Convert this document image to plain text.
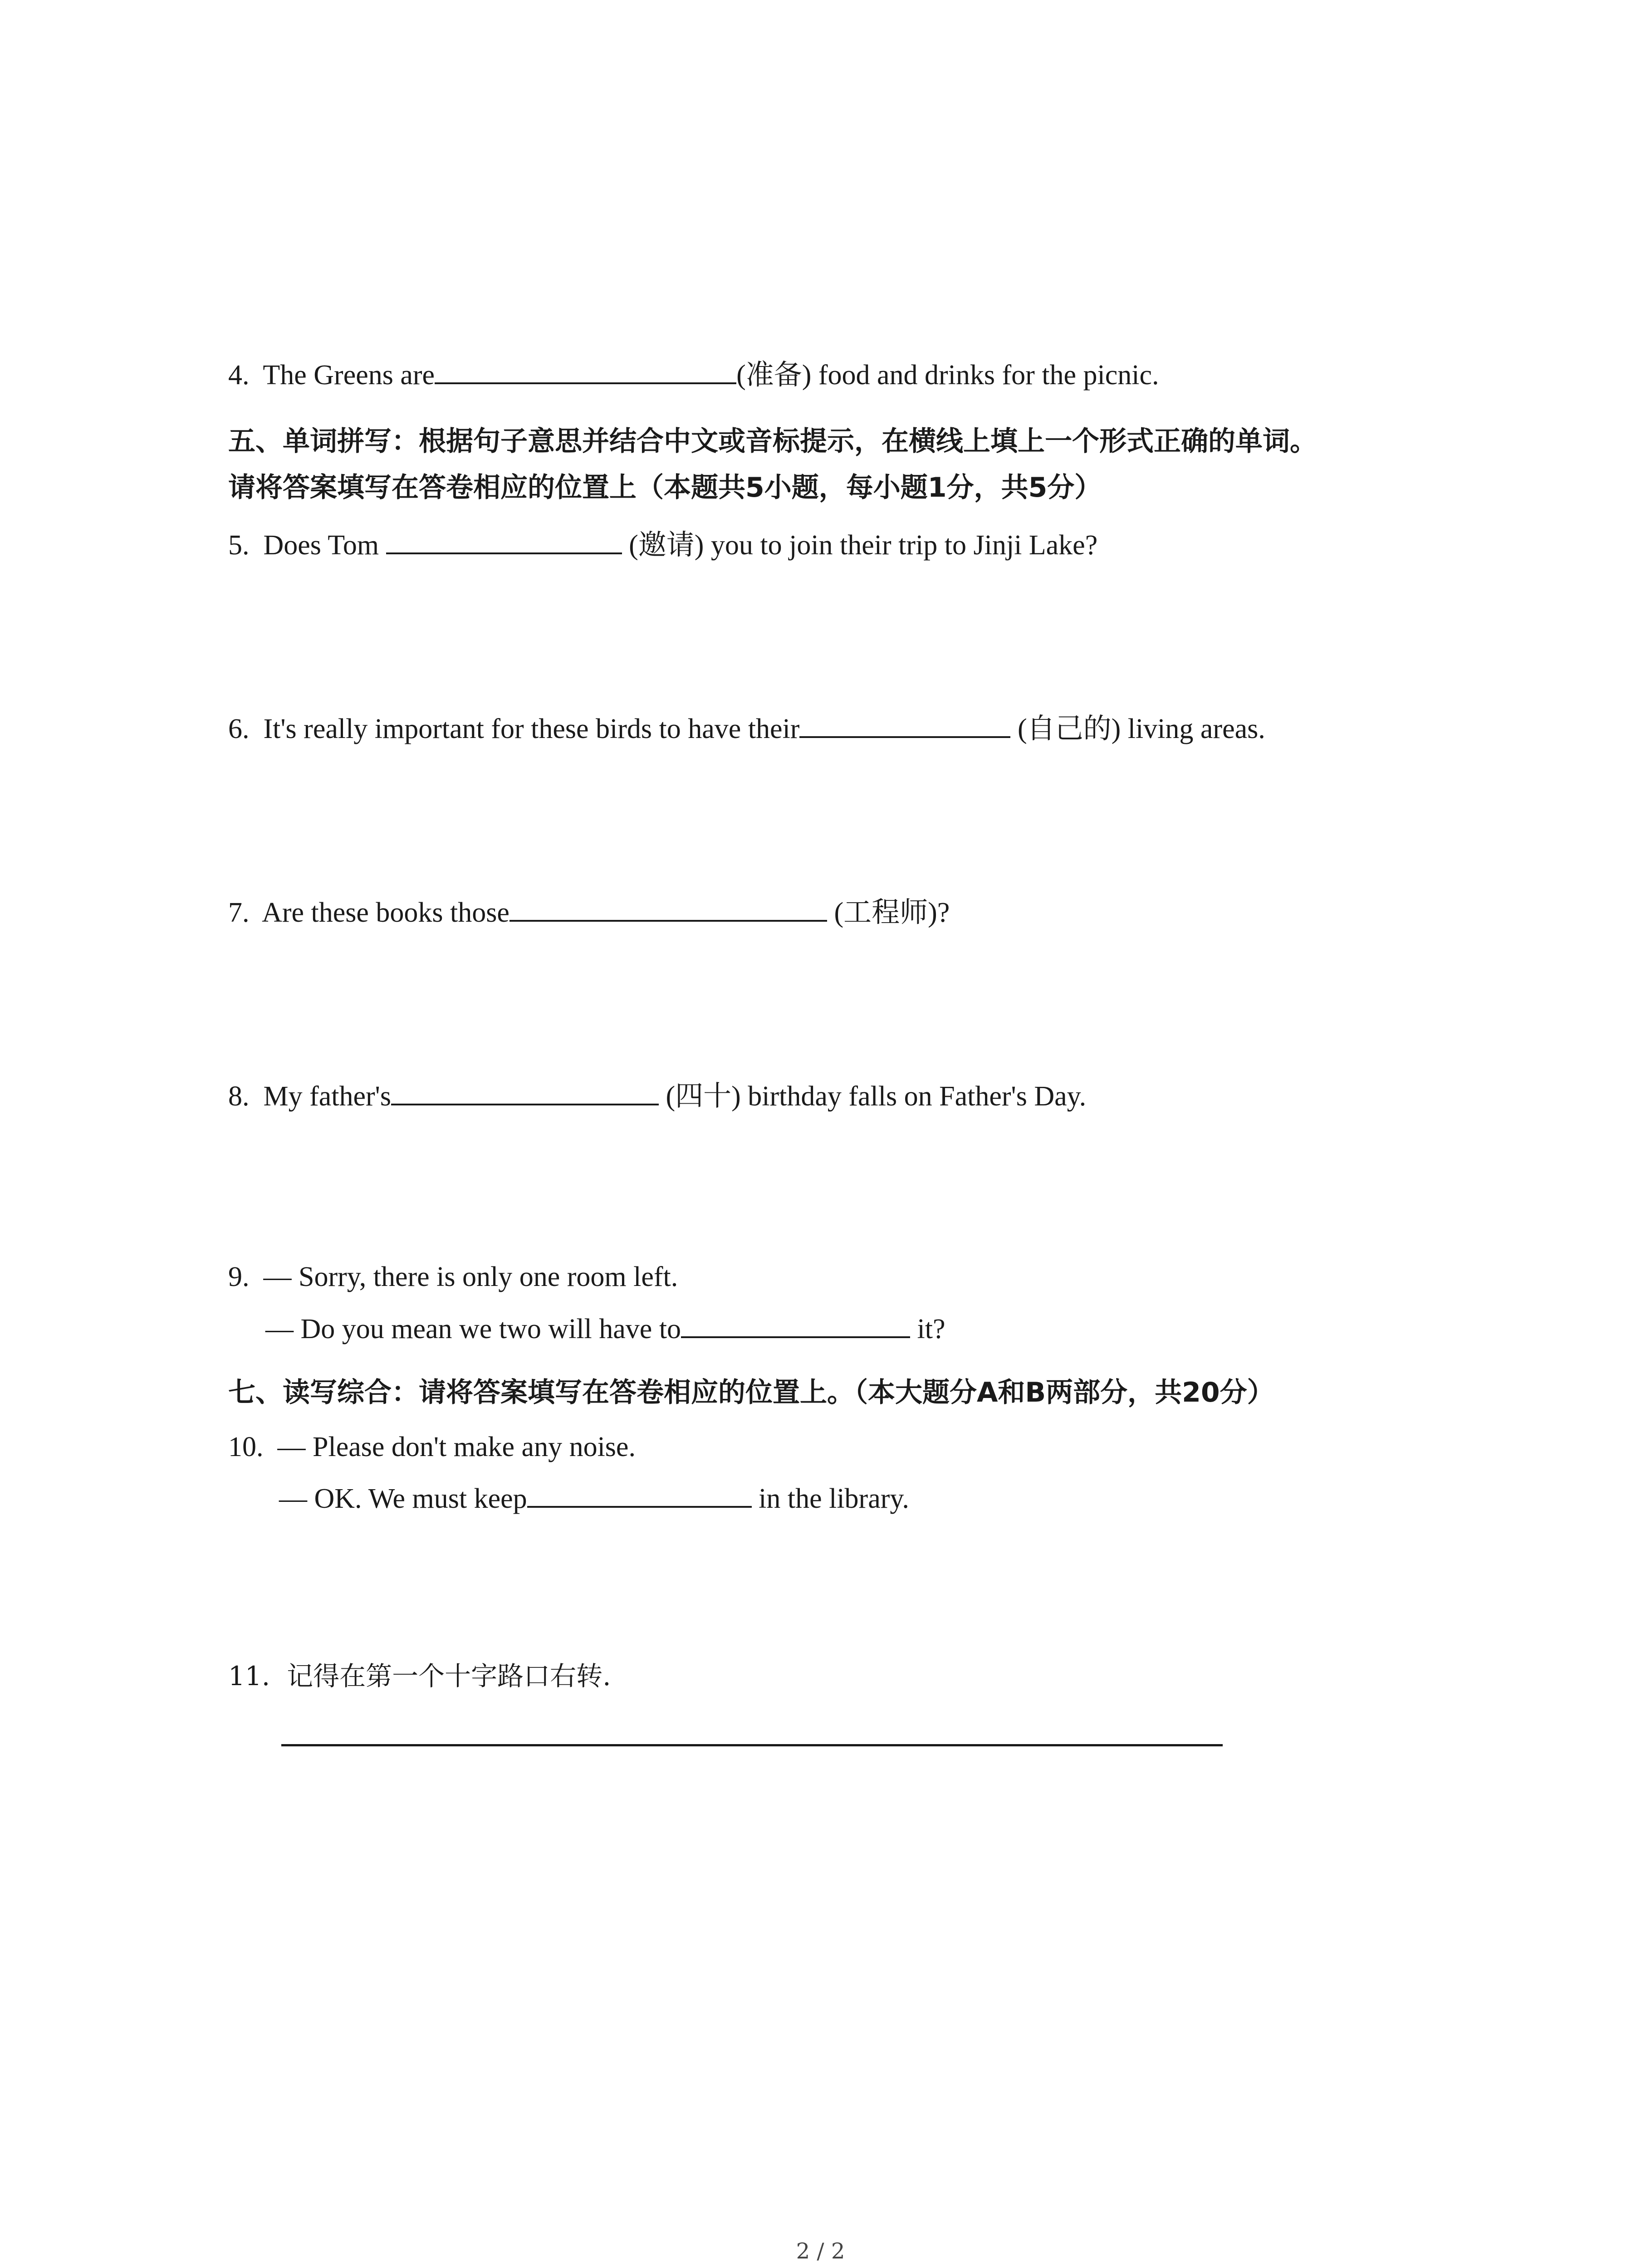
4. The Greens are	(准备) food and drinks for the picnic.
五、单词拼写：根据句子意思并结合中文或音标提示，在横线上填上一个形式正确的单词。
请将答案填写在答卷相应的位置上（本题共5小题，每小题1分，共5分）
5. Does Tom	(邀请) you to join their trip to Jinji Lake?
6. It's really important for these birds to have their	(自己的) living areas.
7. Are these books those	(工程师)?
8. My father's	(四十) birthday falls on Father's Day.
9. — Sorry, there is only one room left.
— Do you mean we two will have to	it?
七、读写综合：请将答案填写在答卷相应的位置上。（本大题分A和B两部分，共20分）
10. — Please don't make any noise.
— OK. We must keep	in the library.
11. 记得在第一个十字路口右转.
2 / 2
